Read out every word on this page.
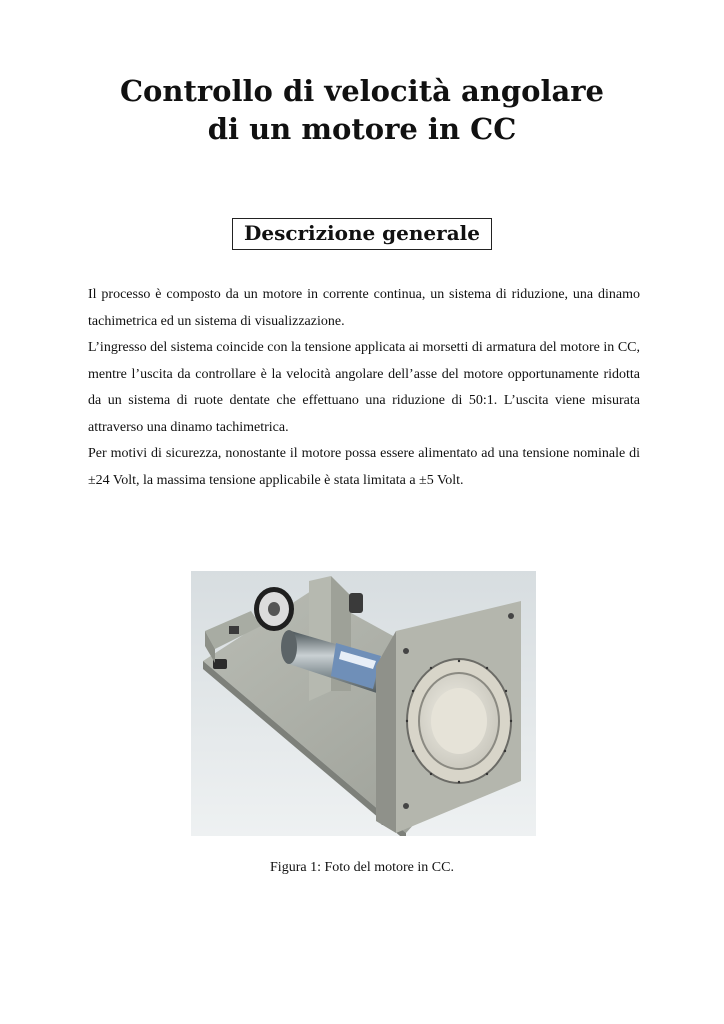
Controllo di velocità angolare
di un motore in CC
Descrizione generale

Il processo è composto da un motore in corrente continua, un sistema di riduzione, una dinamo tachimetrica ed un sistema di visualizzazione.

L’ingresso del sistema coincide con la tensione applicata ai morsetti di armatura del motore in CC, mentre l’uscita da controllare è la velocità angolare dell’asse del motore opportunamente ridotta da un sistema di ruote dentate che effettuano una riduzione di 50:1. L’uscita viene misurata attraverso una dinamo tachimetrica.

Per motivi di sicurezza, nonostante il motore possa essere alimentato ad una tensione nominale di ±24 Volt, la massima tensione applicabile è stata limitata a ±5 Volt.

Figura 1: Foto del motore in CC.
